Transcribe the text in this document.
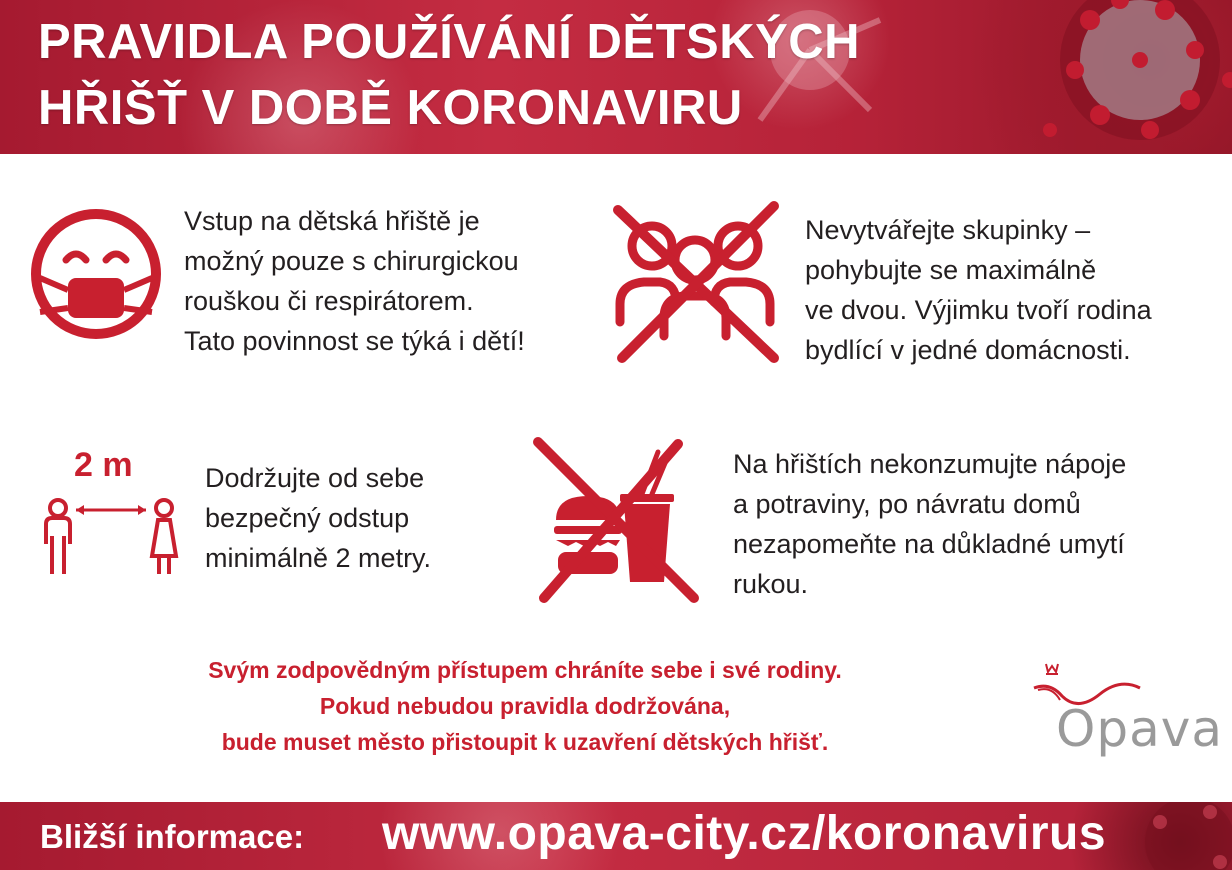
PRAVIDLA POUŽÍVÁNÍ DĚTSKÝCH
HŘIŠŤ V DOBĚ KORONAVIRU
Vstup na dětská hřiště je
možný pouze s chirurgickou
rouškou či respirátorem.
Tato povinnost se týká i dětí!
Nevytvářejte skupinky –
pohybujte se maximálně
ve dvou. Výjimku tvoří rodina
bydlící v jedné domácnosti.
2 m	Dodržujte od sebe
bezpečný odstup
minimálně 2 metry.
Na hřištích nekonzumujte nápoje
a potraviny, po návratu domů
nezapomeňte na důkladné umytí
rukou.
Svým zodpovědným přístupem chráníte sebe i své rodiny.
Pokud nebudou pravidla dodržována,
bude muset město přistoupit k uzavření dětských hřišť.	Opava
Bližší informace: www.opava-city.cz/koronavirus
